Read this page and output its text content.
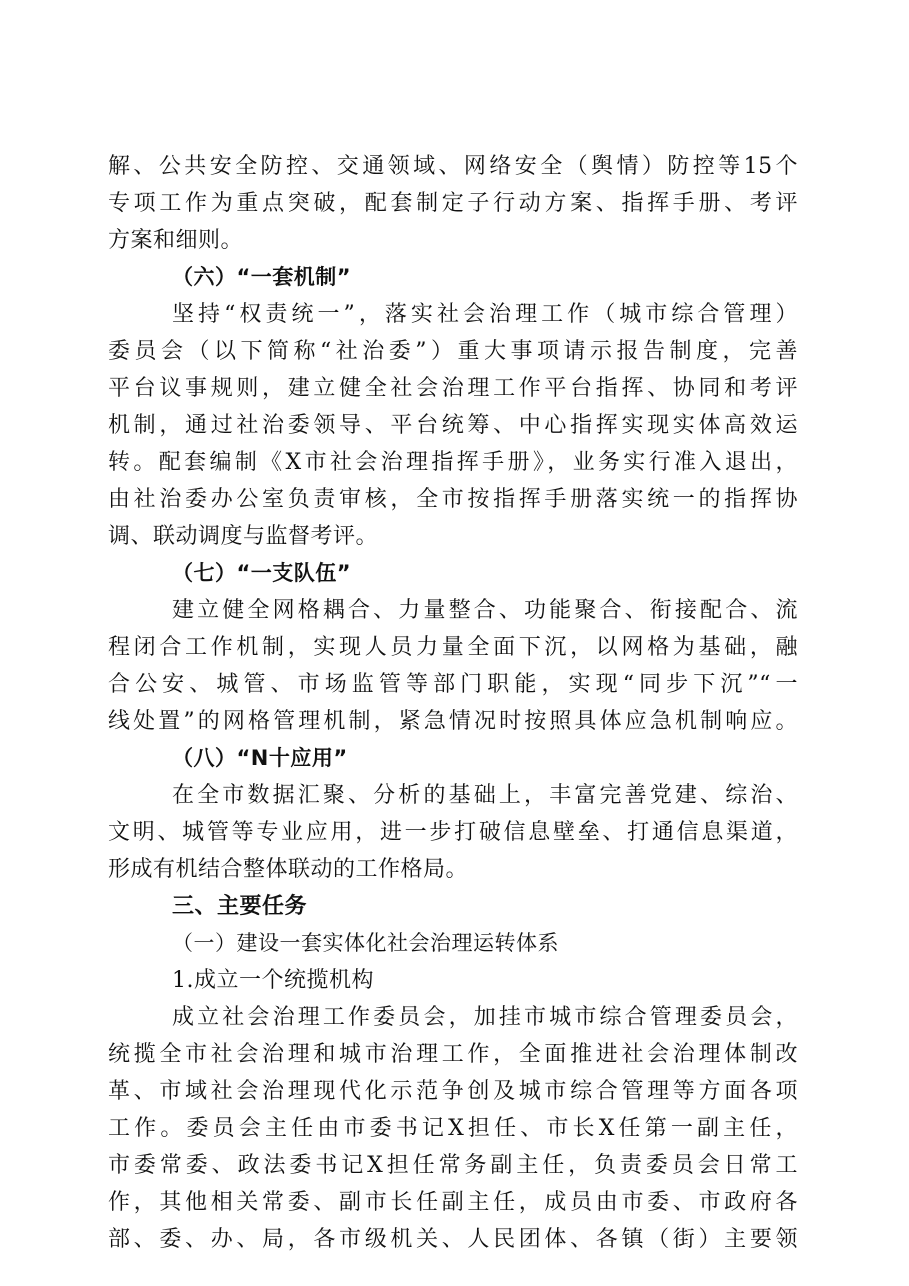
解、公共安全防控、交通领域、网络安全（舆情）防控等15个
专项工作为重点突破，配套制定子行动方案、指挥手册、考评
方案和细则。
（六）“一套机制”
坚持“权责统一”，落实社会治理工作（城市综合管理）
委员会（以下简称“社治委”）重大事项请示报告制度，完善
平台议事规则，建立健全社会治理工作平台指挥、协同和考评
机制，通过社治委领导、平台统筹、中心指挥实现实体高效运
转。配套编制《X市社会治理指挥手册》，业务实行准入退出，
由社治委办公室负责审核，全市按指挥手册落实统一的指挥协
调、联动调度与监督考评。
（七）“一支队伍”
建立健全网格耦合、力量整合、功能聚合、衔接配合、流
程闭合工作机制，实现人员力量全面下沉，以网格为基础，融
合公安、城管、市场监管等部门职能，实现“同步下沉”“一
线处置”的网格管理机制，紧急情况时按照具体应急机制响应。
（八）“N十应用”
在全市数据汇聚、分析的基础上，丰富完善党建、综治、
文明、城管等专业应用，进一步打破信息壁垒、打通信息渠道，
形成有机结合整体联动的工作格局。
三、主要任务
（一）建设一套实体化社会治理运转体系
1.成立一个统揽机构
成立社会治理工作委员会，加挂市城市综合管理委员会，
统揽全市社会治理和城市治理工作，全面推进社会治理体制改
革、市域社会治理现代化示范争创及城市综合管理等方面各项
工作。委员会主任由市委书记X担任、市长X任第一副主任，
市委常委、政法委书记X担任常务副主任，负责委员会日常工
作，其他相关常委、副市长任副主任，成员由市委、市政府各
部、委、办、局，各市级机关、人民团体、各镇（街）主要领
